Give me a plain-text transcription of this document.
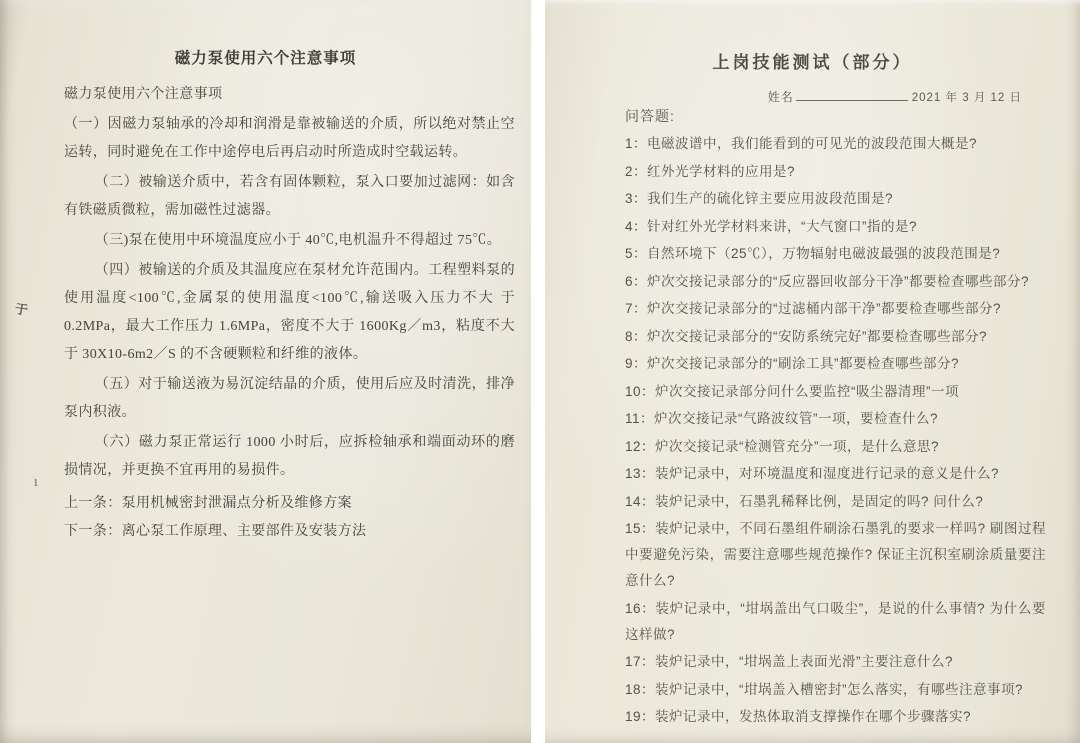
磁力泵使用六个注意事项

磁力泵使用六个注意事项

（一）因磁力泵轴承的冷却和润滑是靠被输送的介质，所以绝对禁止空运转，同时避免在工作中途停电后再启动时所造成时空载运转。

（二）被输送介质中，若含有固体颗粒，泵入口要加过滤网：如含有铁磁质微粒，需加磁性过滤器。

（三)泵在使用中环境温度应小于 40℃,电机温升不得超过 75℃。

（四）被输送的介质及其温度应在泵材允许范围内。工程塑料泵的使用温度<100℃,金属泵的使用温度<100℃,输送吸入压力不大 于 0.2MPa，最大工作压力 1.6MPa，密度不大于 1600Kg／m3，粘度不大于 30X10-6m2／S 的不含硬颗粒和纤维的液体。

（五）对于输送液为易沉淀结晶的介质，使用后应及时清洗，排净泵内积液。

（六）磁力泵正常运行 1000 小时后，应拆检轴承和端面动环的磨损情况，并更换不宜再用的易损件。

上一条：泵用机械密封泄漏点分析及维修方案

下一条：离心泵工作原理、主要部件及安装方法

于
1
上岗技能测试（部分）
姓名	2021 年 3 月 12 日
问答题:

1：电磁波谱中，我们能看到的可见光的波段范围大概是?

2：红外光学材料的应用是?

3：我们生产的硫化锌主要应用波段范围是?

4：针对红外光学材料来讲，“大气窗口”指的是?

5：自然环境下（25℃），万物辐射电磁波最强的波段范围是?

6：炉次交接记录部分的“反应器回收部分干净”都要检查哪些部分?

7：炉次交接记录部分的“过滤桶内部干净”都要检查哪些部分?

8：炉次交接记录部分的“安防系统完好”都要检查哪些部分?

9：炉次交接记录部分的“刷涂工具”都要检查哪些部分?

10：炉次交接记录部分问什么要监控“吸尘器清理”一项

11：炉次交接记录“气路波纹管”一项，要检查什么?

12：炉次交接记录“检测管充分”一项，是什么意思?

13：装炉记录中，对环境温度和湿度进行记录的意义是什么?

14：装炉记录中，石墨乳稀释比例，是固定的吗? 问什么?

15：装炉记录中，不同石墨组件刷涂石墨乳的要求一样吗? 刷图过程中要避免污染，需要注意哪些规范操作? 保证主沉积室刷涂质量要注意什么?

16：装炉记录中，“坩埚盖出气口吸尘”，是说的什么事情? 为什么要这样做?

17：装炉记录中，“坩埚盖上表面光滑”主要注意什么?

18：装炉记录中，“坩埚盖入槽密封”怎么落实，有哪些注意事项?

19：装炉记录中，发热体取消支撑操作在哪个步骤落实?
